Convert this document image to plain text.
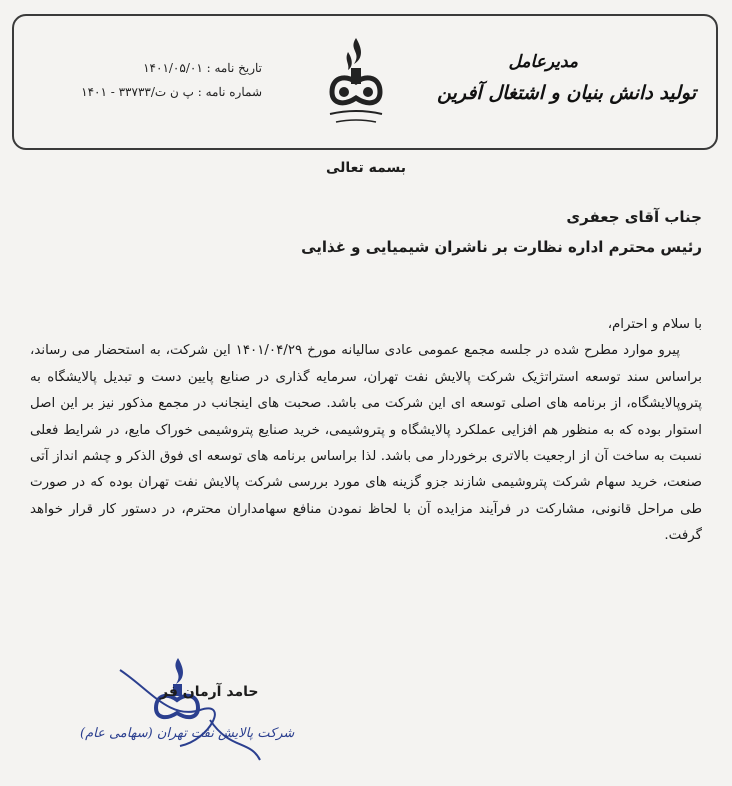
تاریخ نامه : ۱۴۰۱/۰۵/۰۱
شماره نامه : پ ن ت/۳۳۷۳۳ - ۱۴۰۱
مدیرعامل
تولید دانش بنیان و اشتغال آفرین
بسمه تعالی
جناب آقای جعفری
رئیس محترم اداره نظارت بر ناشران شیمیایی و غذایی

با سلام و احترام،

پیرو موارد مطرح شده در جلسه مجمع عمومی عادی سالیانه مورخ ۱۴۰۱/۰۴/۲۹ این شرکت، به استحضار می رساند، براساس سند توسعه استراتژیک شرکت پالایش نفت تهران، سرمایه گذاری در صنایع پایین دست و تبدیل پالایشگاه به پتروپالایشگاه، از برنامه های اصلی توسعه ای این شرکت می باشد. صحبت های اینجانب در مجمع مذکور نیز بر این اصل استوار بوده که به منظور هم افزایی عملکرد پالایشگاه و پتروشیمی، خرید صنایع پتروشیمی خوراک مایع، در شرایط فعلی نسبت به ساخت آن از ارجعیت بالاتری برخوردار می باشد. لذا براساس برنامه های توسعه ای فوق الذکر و چشم انداز آتی صنعت، خرید سهام شرکت پتروشیمی شازند جزو گزینه های مورد بررسی شرکت پالایش نفت تهران بوده که در صورت طی مراحل قانونی، مشارکت در فرآیند مزایده آن با لحاظ نمودن منافع سهامداران محترم، در دستور کار قرار خواهد گرفت.

حامد آرمان فر
شرکت پالایش نفت تهران (سهامی عام)
